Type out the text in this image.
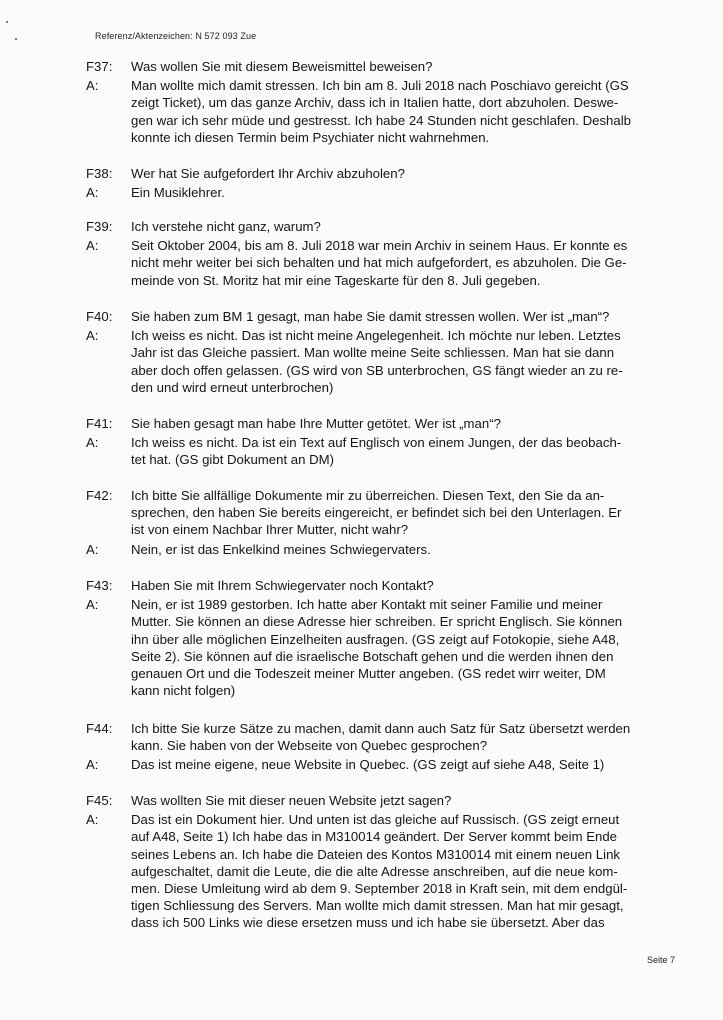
Referenz/Aktenzeichen: N 572 093 Zue
F37: Was wollen Sie mit diesem Beweismittel beweisen?
A: Man wollte mich damit stressen. Ich bin am 8. Juli 2018 nach Poschiavo gereicht (GS
zeigt Ticket), um das ganze Archiv, dass ich in Italien hatte, dort abzuholen. Deswe-
gen war ich sehr müde und gestresst. Ich habe 24 Stunden nicht geschlafen. Deshalb
konnte ich diesen Termin beim Psychiater nicht wahrnehmen.
F38: Wer hat Sie aufgefordert Ihr Archiv abzuholen?
A: Ein Musiklehrer.
F39: Ich verstehe nicht ganz, warum?
A: Seit Oktober 2004, bis am 8. Juli 2018 war mein Archiv in seinem Haus. Er konnte es
nicht mehr weiter bei sich behalten und hat mich aufgefordert, es abzuholen. Die Ge-
meinde von St. Moritz hat mir eine Tageskarte für den 8. Juli gegeben.
F40: Sie haben zum BM 1 gesagt, man habe Sie damit stressen wollen. Wer ist „man“?
A: Ich weiss es nicht. Das ist nicht meine Angelegenheit. Ich möchte nur leben. Letztes
Jahr ist das Gleiche passiert. Man wollte meine Seite schliessen. Man hat sie dann
aber doch offen gelassen. (GS wird von SB unterbrochen, GS fängt wieder an zu re-
den und wird erneut unterbrochen)
F41: Sie haben gesagt man habe Ihre Mutter getötet. Wer ist „man“?
A: Ich weiss es nicht. Da ist ein Text auf Englisch von einem Jungen, der das beobach-
tet hat. (GS gibt Dokument an DM)
F42: Ich bitte Sie allfällige Dokumente mir zu überreichen. Diesen Text, den Sie da an-
sprechen, den haben Sie bereits eingereicht, er befindet sich bei den Unterlagen. Er
ist von einem Nachbar Ihrer Mutter, nicht wahr?
A: Nein, er ist das Enkelkind meines Schwiegervaters.
F43: Haben Sie mit Ihrem Schwiegervater noch Kontakt?
A: Nein, er ist 1989 gestorben. Ich hatte aber Kontakt mit seiner Familie und meiner
Mutter. Sie können an diese Adresse hier schreiben. Er spricht Englisch. Sie können
ihn über alle möglichen Einzelheiten ausfragen. (GS zeigt auf Fotokopie, siehe A48,
Seite 2). Sie können auf die israelische Botschaft gehen und die werden ihnen den
genauen Ort und die Todeszeit meiner Mutter angeben. (GS redet wirr weiter, DM
kann nicht folgen)
F44: Ich bitte Sie kurze Sätze zu machen, damit dann auch Satz für Satz übersetzt werden
kann. Sie haben von der Webseite von Quebec gesprochen?
A: Das ist meine eigene, neue Website in Quebec. (GS zeigt auf siehe A48, Seite 1)
F45: Was wollten Sie mit dieser neuen Website jetzt sagen?
A: Das ist ein Dokument hier. Und unten ist das gleiche auf Russisch. (GS zeigt erneut
auf A48, Seite 1) Ich habe das in M310014 geändert. Der Server kommt beim Ende
seines Lebens an. Ich habe die Dateien des Kontos M310014 mit einem neuen Link
aufgeschaltet, damit die Leute, die die alte Adresse anschreiben, auf die neue kom-
men. Diese Umleitung wird ab dem 9. September 2018 in Kraft sein, mit dem endgül-
tigen Schliessung des Servers. Man wollte mich damit stressen. Man hat mir gesagt,
dass ich 500 Links wie diese ersetzen muss und ich habe sie übersetzt. Aber das
Seite 7
